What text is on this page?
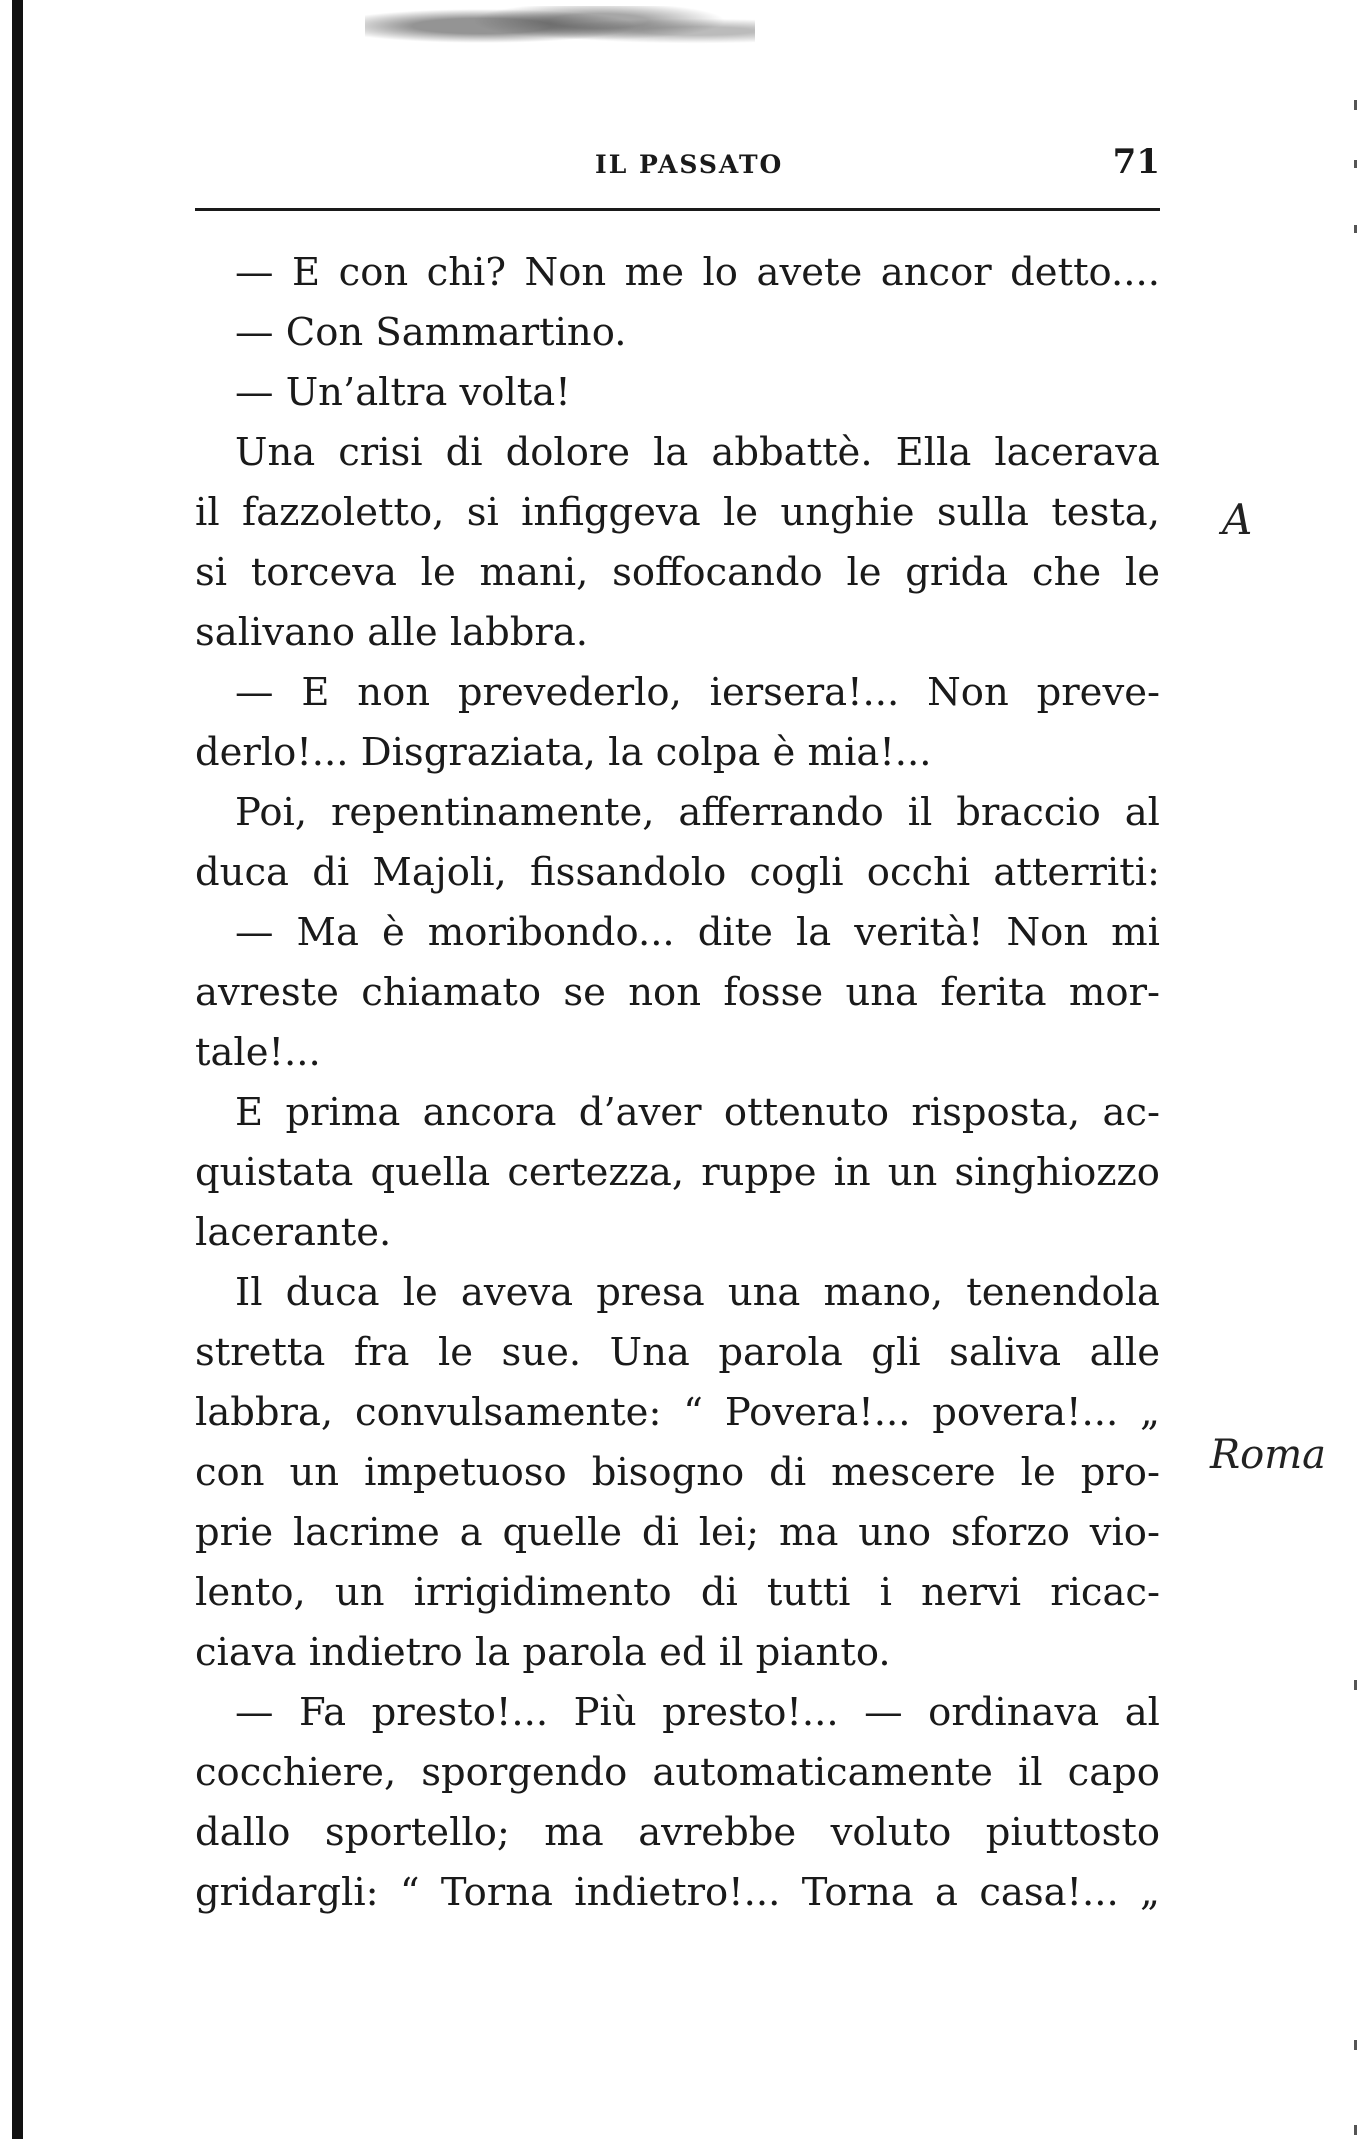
IL PASSATO	71
— E con chi? Non me lo avete ancor detto....
— Con Sammartino.
— Un’altra volta!
Una crisi di dolore la abbattè. Ella lacerava
il fazzoletto, si infiggeva le unghie sulla testa,
si torceva le mani, soffocando le grida che le
salivano alle labbra.
— E non prevederlo, iersera!... Non preve-
derlo!... Disgraziata, la colpa è mia!...
Poi, repentinamente, afferrando il braccio al
duca di Majoli, fissandolo cogli occhi atterriti:
— Ma è moribondo... dite la verità! Non mi
avreste chiamato se non fosse una ferita mor-
tale!...
E prima ancora d’aver ottenuto risposta, ac-
quistata quella certezza, ruppe in un singhiozzo
lacerante.
Il duca le aveva presa una mano, tenendola
stretta fra le sue. Una parola gli saliva alle
labbra, convulsamente: “ Povera!... povera!... „
con un impetuoso bisogno di mescere le pro-
prie lacrime a quelle di lei; ma uno sforzo vio-
lento, un irrigidimento di tutti i nervi ricac-
ciava indietro la parola ed il pianto.
— Fa presto!... Più presto!... — ordinava al
cocchiere, sporgendo automaticamente il capo
dallo sportello; ma avrebbe voluto piuttosto
gridargli: “ Torna indietro!... Torna a casa!... „
A
Roma
